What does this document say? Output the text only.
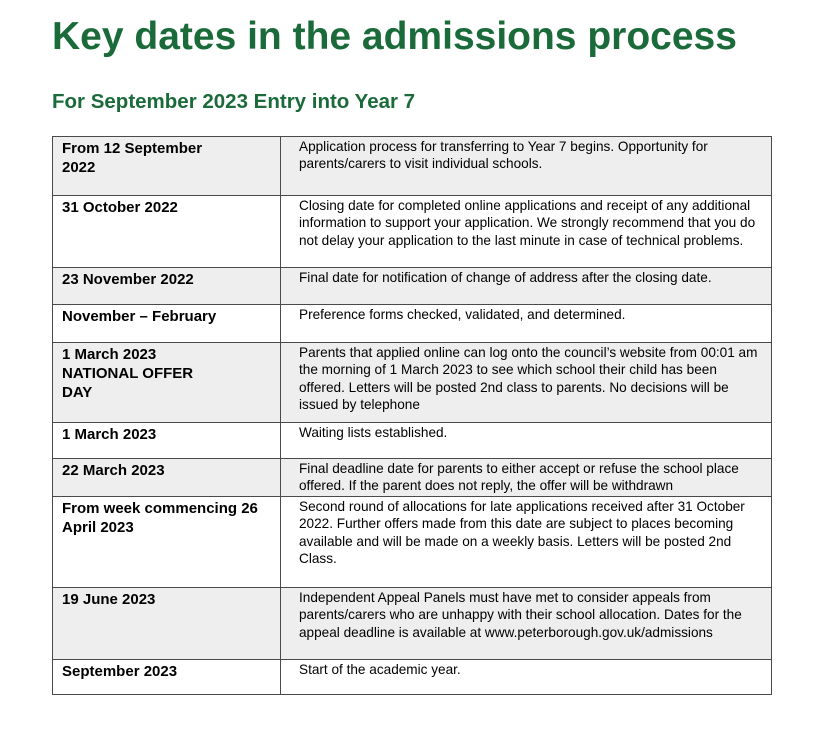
Key dates in the admissions process
For September 2023 Entry into Year 7
From 12 September 2022	Application process for transferring to Year 7 begins. Opportunity for parents/carers to visit individual schools.
31 October 2022	Closing date for completed online applications and receipt of any additional information to support your application. We strongly recommend that you do not delay your application to the last minute in case of technical problems.
23 November 2022	Final date for notification of change of address after the closing date.
November – February	Preference forms checked, validated, and determined.

1 March 2023 NATIONAL OFFER DAY	Parents that applied online can log onto the council’s website from 00:01 am the morning of 1 March 2023 to see which school their child has been offered. Letters will be posted 2nd class to parents. No decisions will be issued by telephone
1 March 2023	Waiting lists established.
22 March 2023	Final deadline date for parents to either accept or refuse the school place offered. If the parent does not reply, the offer will be withdrawn

From week commencing 26 April 2023	Second round of allocations for late applications received after 31 October 2022. Further offers made from this date are subject to places becoming available and will be made on a weekly basis. Letters will be posted 2nd Class.
19 June 2023	Independent Appeal Panels must have met to consider appeals from parents/carers who are unhappy with their school allocation. Dates for the appeal deadline is available at www.peterborough.gov.uk/admissions
September 2023	Start of the academic year.
